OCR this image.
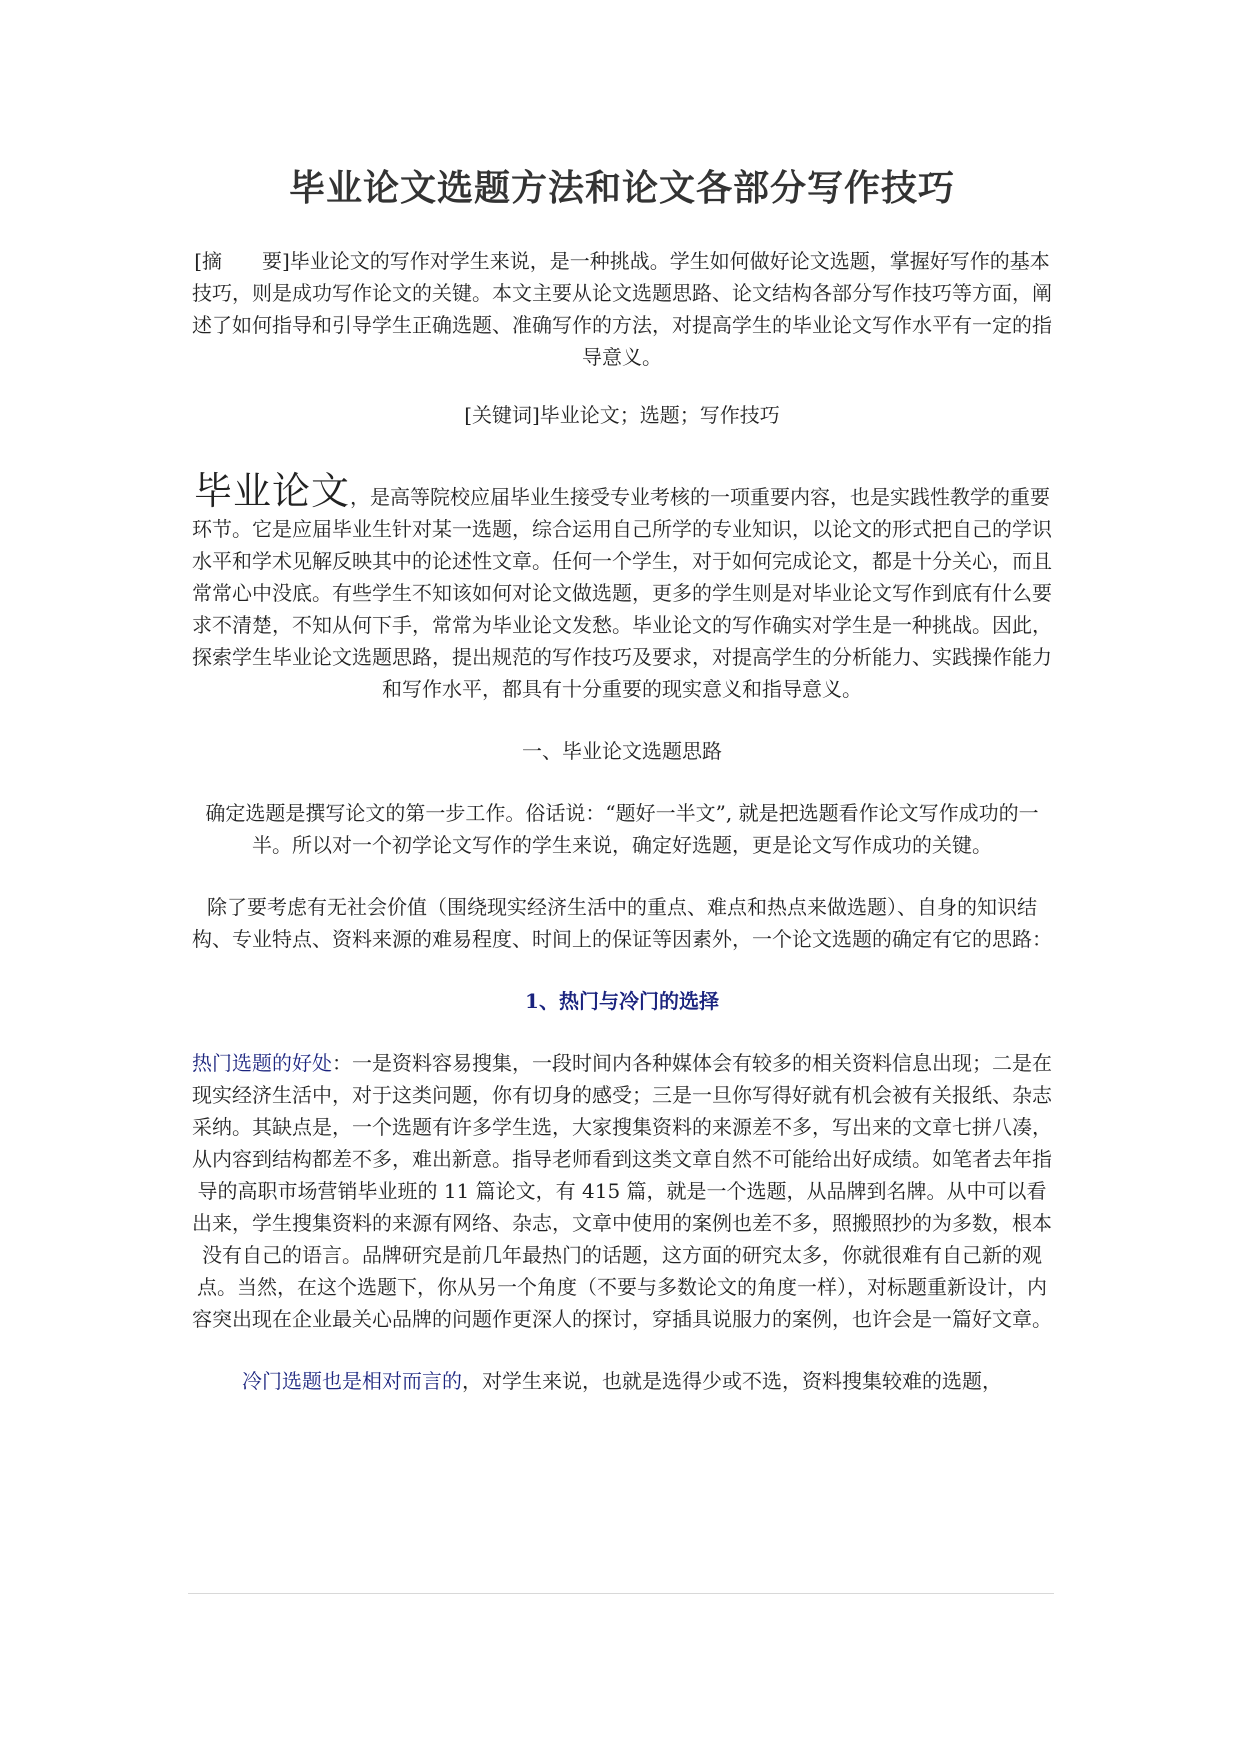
毕业论文选题方法和论文各部分写作技巧

[摘　　要]毕业论文的写作对学生来说，是一种挑战。学生如何做好论文选题，掌握好写作的基本技巧，则是成功写作论文的关键。本文主要从论文选题思路、论文结构各部分写作技巧等方面，阐述了如何指导和引导学生正确选题、准确写作的方法，对提高学生的毕业论文写作水平有一定的指导意义。

[关键词]毕业论文；选题；写作技巧

毕业论文，是高等院校应届毕业生接受专业考核的一项重要内容，也是实践性教学的重要环节。它是应届毕业生针对某一选题，综合运用自己所学的专业知识，以论文的形式把自己的学识水平和学术见解反映其中的论述性文章。任何一个学生，对于如何完成论文，都是十分关心，而且常常心中没底。有些学生不知该如何对论文做选题，更多的学生则是对毕业论文写作到底有什么要求不清楚，不知从何下手，常常为毕业论文发愁。毕业论文的写作确实对学生是一种挑战。因此，探索学生毕业论文选题思路，提出规范的写作技巧及要求，对提高学生的分析能力、实践操作能力和写作水平，都具有十分重要的现实意义和指导意义。

一、毕业论文选题思路

确定选题是撰写论文的第一步工作。俗话说：“题好一半文”, 就是把选题看作论文写作成功的一半。所以对一个初学论文写作的学生来说，确定好选题，更是论文写作成功的关键。

除了要考虑有无社会价值（围绕现实经济生活中的重点、难点和热点来做选题）、自身的知识结构、专业特点、资料来源的难易程度、时间上的保证等因素外，一个论文选题的确定有它的思路：

1、热门与冷门的选择

热门选题的好处：一是资料容易搜集，一段时间内各种媒体会有较多的相关资料信息出现；二是在现实经济生活中，对于这类问题，你有切身的感受；三是一旦你写得好就有机会被有关报纸、杂志采纳。其缺点是，一个选题有许多学生选，大家搜集资料的来源差不多，写出来的文章七拼八凑，从内容到结构都差不多，难出新意。指导老师看到这类文章自然不可能给出好成绩。如笔者去年指导的高职市场营销毕业班的 11 篇论文，有 415 篇，就是一个选题，从品牌到名牌。从中可以看出来，学生搜集资料的来源有网络、杂志，文章中使用的案例也差不多，照搬照抄的为多数，根本没有自己的语言。品牌研究是前几年最热门的话题，这方面的研究太多，你就很难有自己新的观点。当然，在这个选题下，你从另一个角度（不要与多数论文的角度一样），对标题重新设计，内容突出现在企业最关心品牌的问题作更深人的探讨，穿插具说服力的案例，也许会是一篇好文章。

冷门选题也是相对而言的，对学生来说，也就是选得少或不选，资料搜集较难的选题，
